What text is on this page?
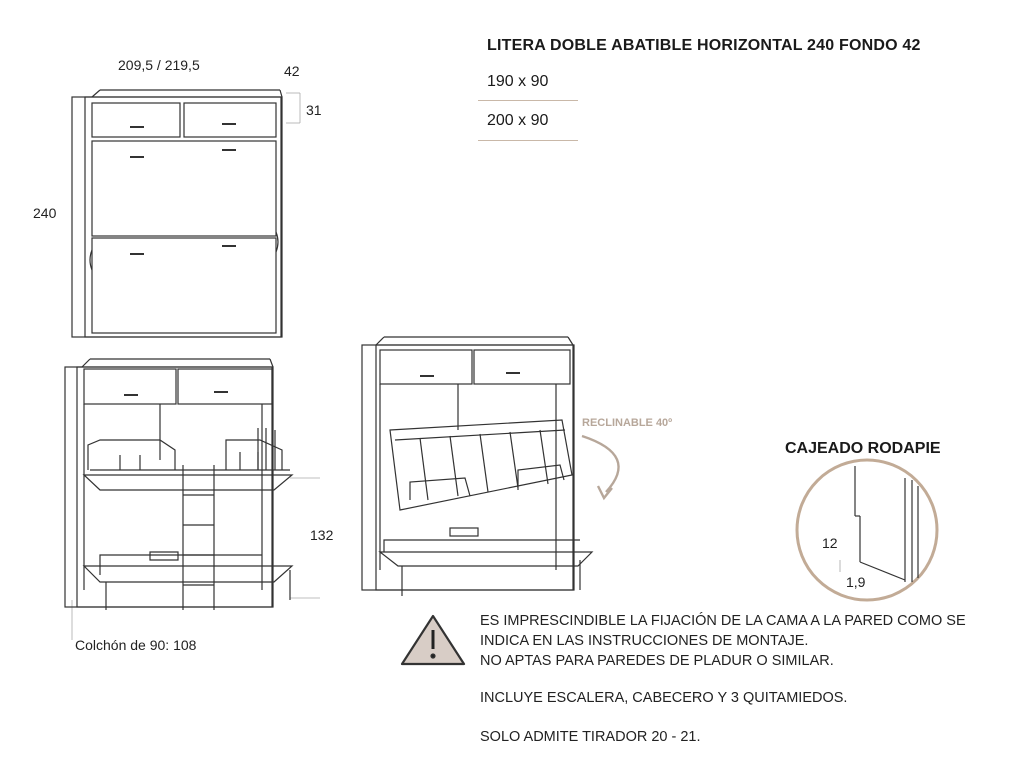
LITERA DOBLE ABATIBLE HORIZONTAL 240 FONDO 42
190 x 90
200 x 90
209,5 / 219,5	42
31
240
132
Colchón de 90: 108
RECLINABLE 40º
CAJEADO RODAPIE
12
1,9
ES IMPRESCINDIBLE LA FIJACIÓN DE LA CAMA A LA PARED COMO SE
INDICA EN LAS INSTRUCCIONES DE MONTAJE.
NO APTAS PARA PAREDES DE PLADUR O SIMILAR.
INCLUYE ESCALERA, CABECERO Y 3 QUITAMIEDOS.
SOLO ADMITE TIRADOR 20 - 21.
